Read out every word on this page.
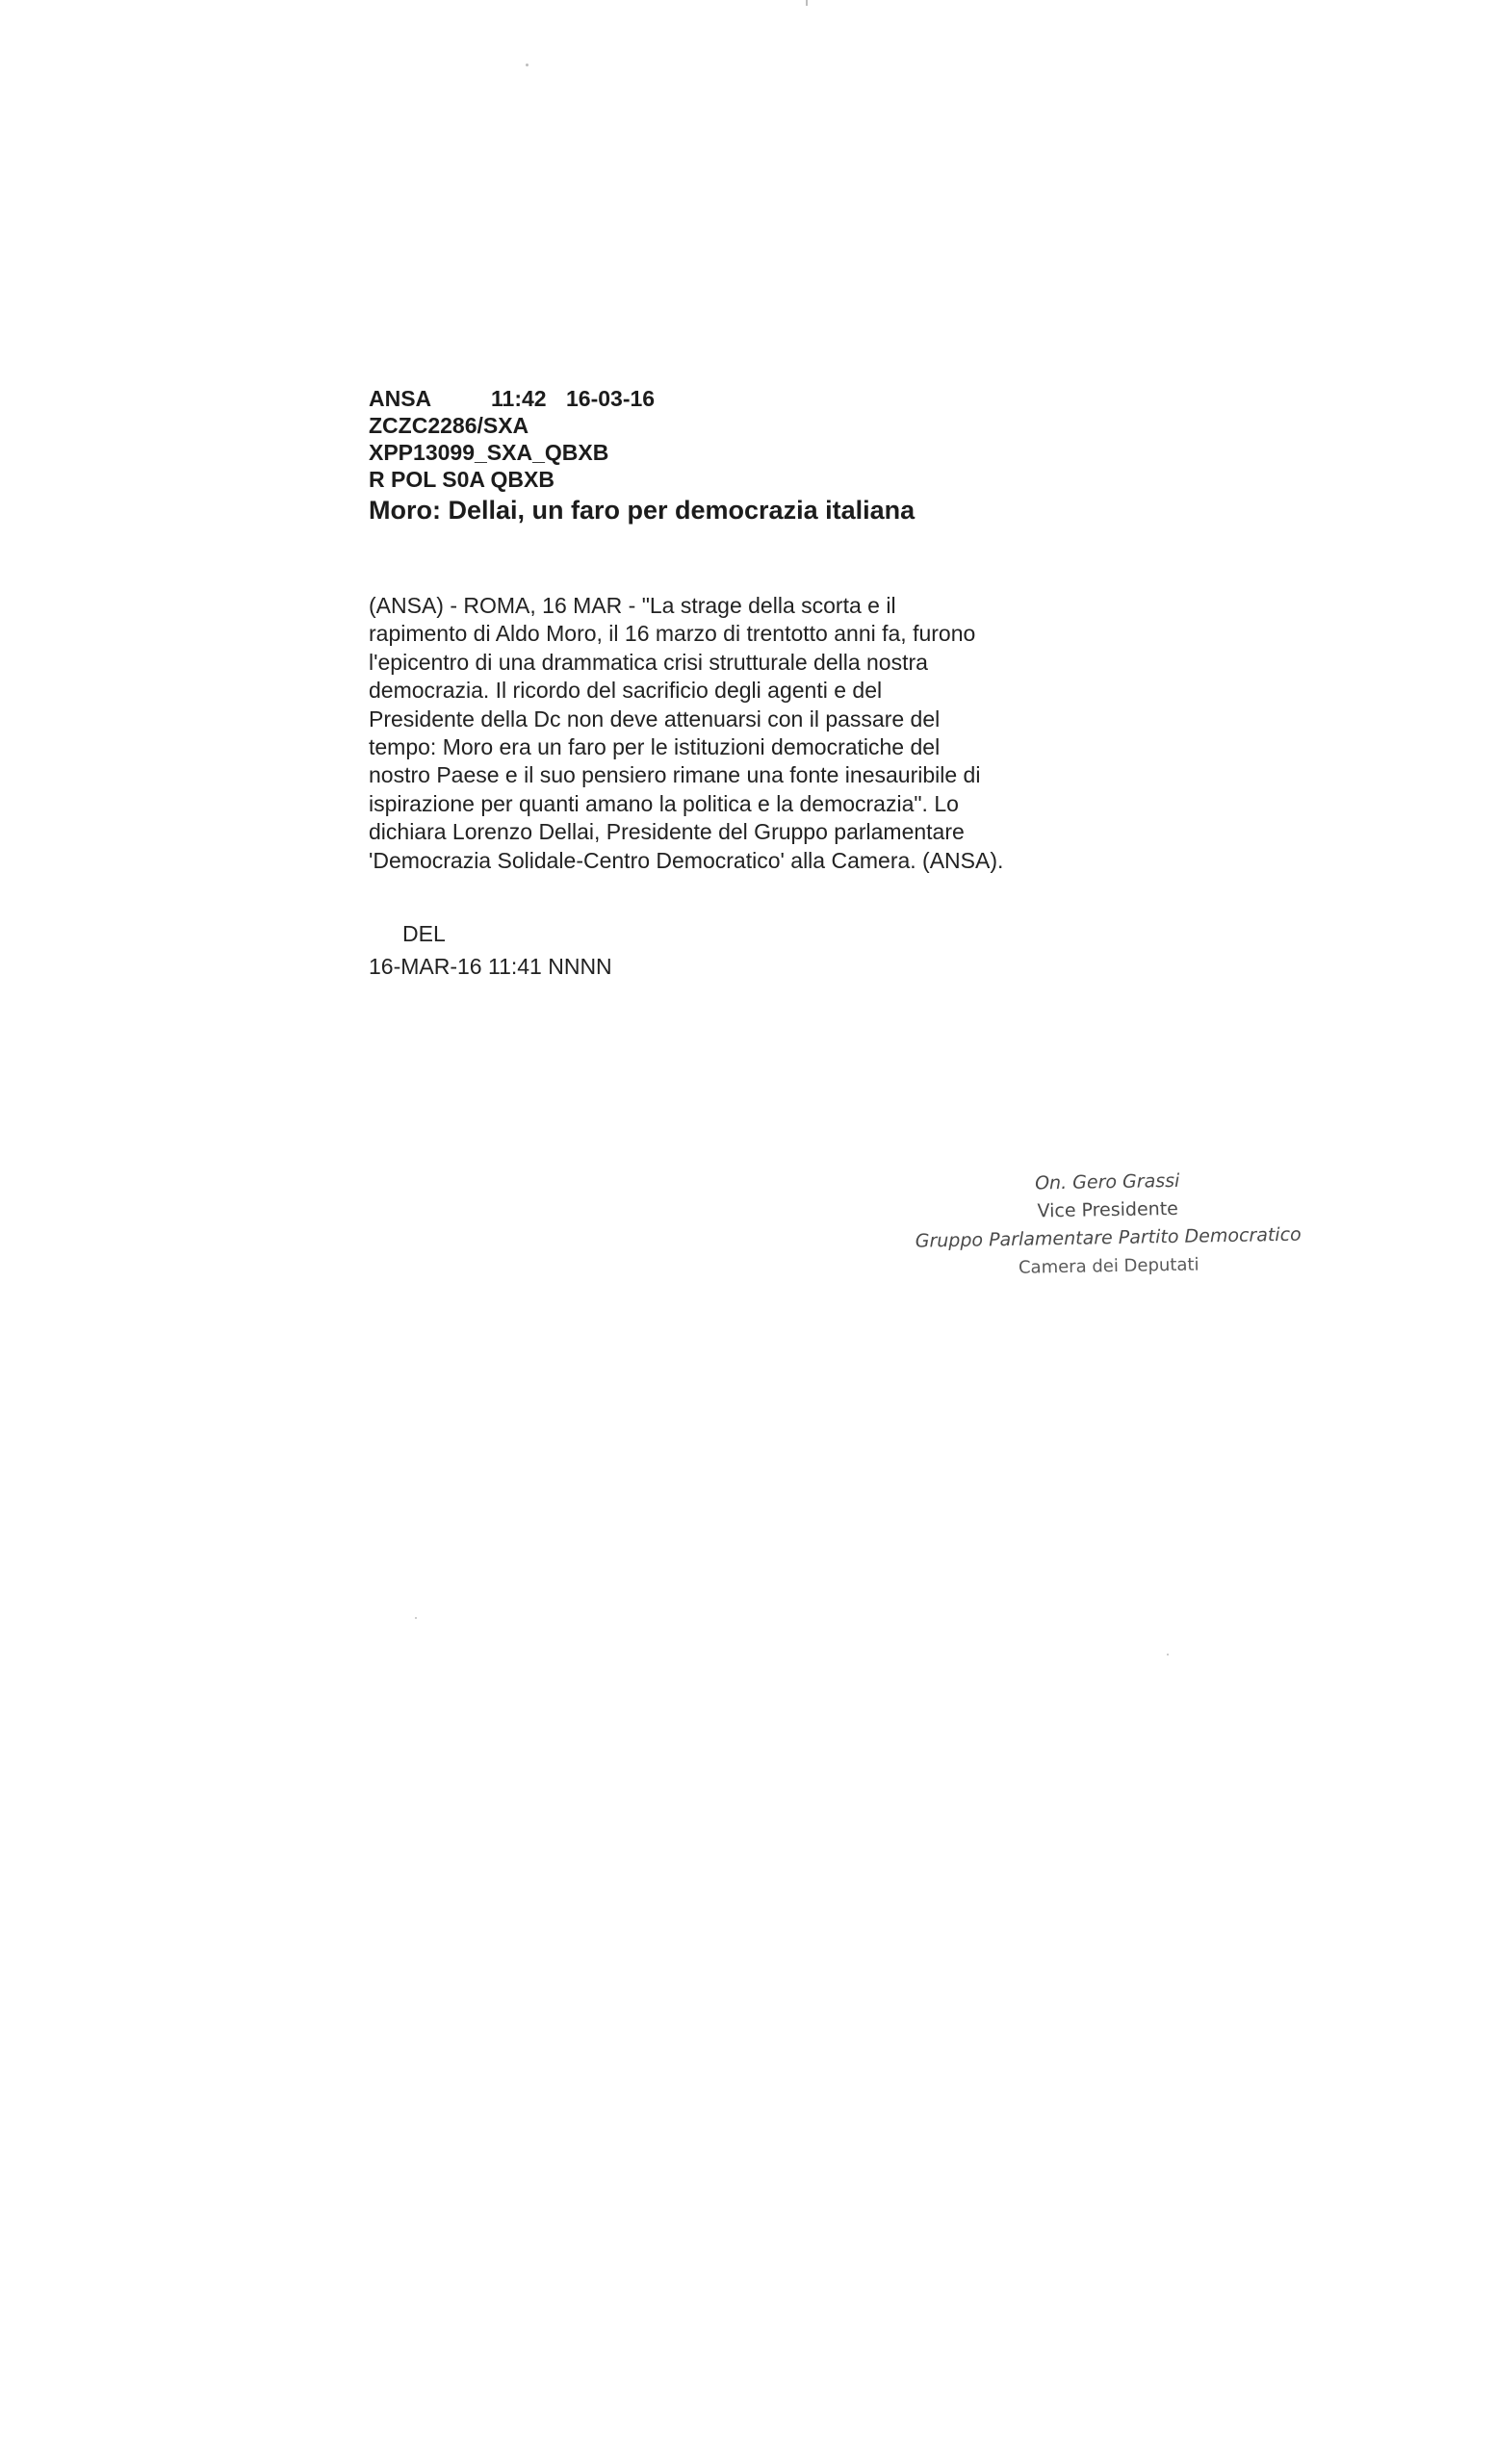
ANSA	11:42 16-03-16
ZCZC2286/SXA
XPP13099_SXA_QBXB
R POL S0A QBXB
Moro: Dellai, un faro per democrazia italiana
(ANSA) - ROMA, 16 MAR - "La strage della scorta e il
rapimento di Aldo Moro, il 16 marzo di trentotto anni fa, furono
l'epicentro di una drammatica crisi strutturale della nostra
democrazia. Il ricordo del sacrificio degli agenti e del
Presidente della Dc non deve attenuarsi con il passare del
tempo: Moro era un faro per le istituzioni democratiche del
nostro Paese e il suo pensiero rimane una fonte inesauribile di
ispirazione per quanti amano la politica e la democrazia". Lo
dichiara Lorenzo Dellai, Presidente del Gruppo parlamentare
'Democrazia Solidale-Centro Democratico' alla Camera. (ANSA).
DEL
16-MAR-16 11:41 NNNN
On. Gero Grassi
Vice Presidente
Gruppo Parlamentare Partito Democratico
Camera dei Deputati
